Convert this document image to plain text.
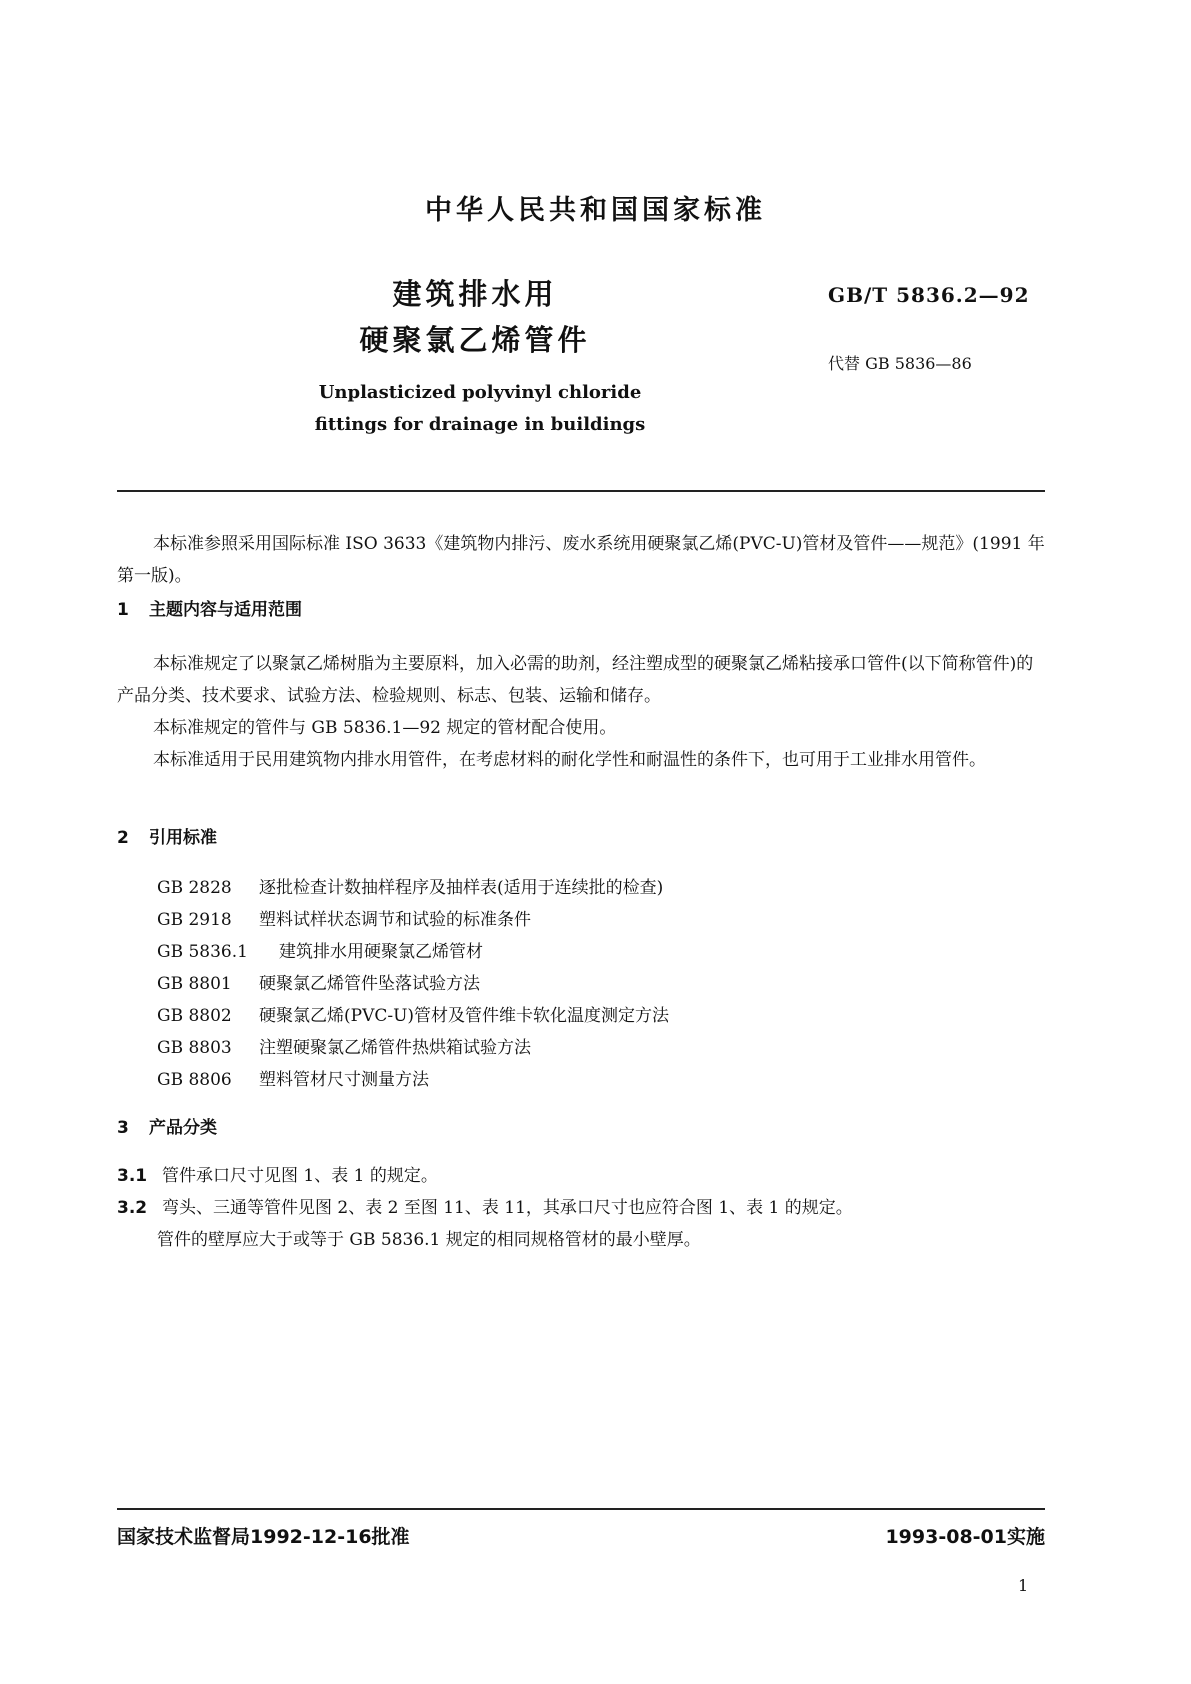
中华人民共和国国家标准
建筑排水用
硬聚氯乙烯管件
Unplasticized polyvinyl chloride
fittings for drainage in buildings
GB/T 5836.2—92
代替 GB 5836—86
本标准参照采用国际标准 ISO 3633《建筑物内排污、废水系统用硬聚氯乙烯(PVC-U)管材及管件——规范》(1991 年第一版)。
1 主题内容与适用范围
本标准规定了以聚氯乙烯树脂为主要原料，加入必需的助剂，经注塑成型的硬聚氯乙烯粘接承口管件(以下简称管件)的产品分类、技术要求、试验方法、检验规则、标志、包装、运输和储存。
本标准规定的管件与 GB 5836.1—92 规定的管材配合使用。
本标准适用于民用建筑物内排水用管件，在考虑材料的耐化学性和耐温性的条件下，也可用于工业排水用管件。
2 引用标准
GB 2828 逐批检查计数抽样程序及抽样表(适用于连续批的检查)
GB 2918 塑料试样状态调节和试验的标准条件
GB 5836.1 建筑排水用硬聚氯乙烯管材
GB 8801 硬聚氯乙烯管件坠落试验方法
GB 8802 硬聚氯乙烯(PVC-U)管材及管件维卡软化温度测定方法
GB 8803 注塑硬聚氯乙烯管件热烘箱试验方法
GB 8806 塑料管材尺寸测量方法
3 产品分类
3.1 管件承口尺寸见图 1、表 1 的规定。
3.2 弯头、三通等管件见图 2、表 2 至图 11、表 11，其承口尺寸也应符合图 1、表 1 的规定。
管件的壁厚应大于或等于 GB 5836.1 规定的相同规格管材的最小壁厚。
国家技术监督局1992-12-16批准	1993-08-01实施
1
